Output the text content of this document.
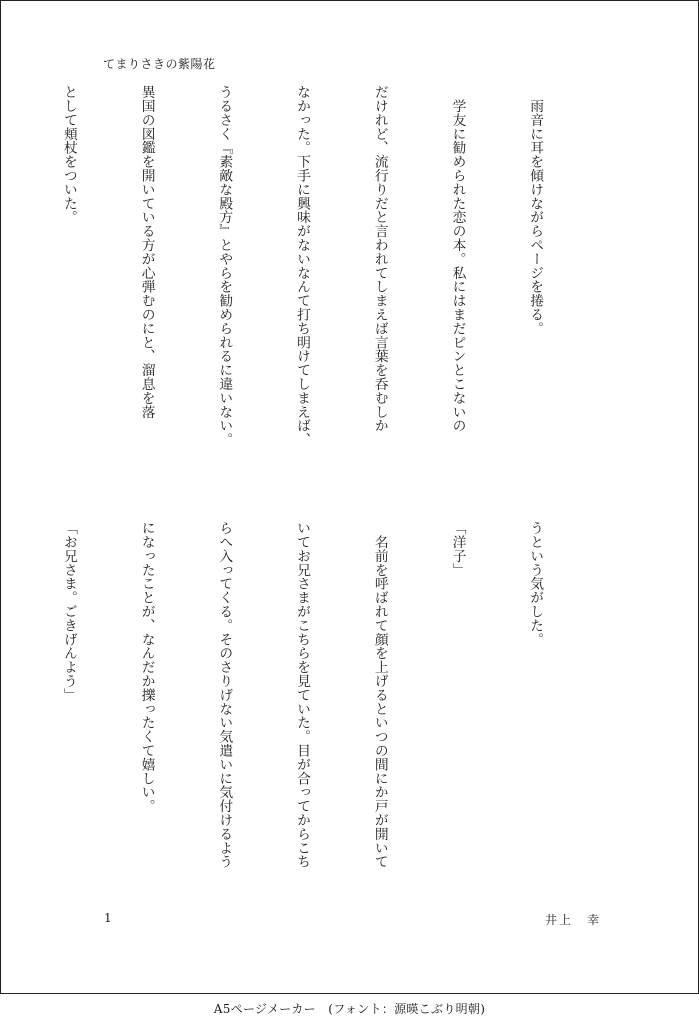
てまりさきの紫陽花

　雨音に耳を傾けながらページを捲る。

　学友に勧められた恋の本。私にはまだピンとこないの

だけれど、流行りだと言われてしまえば言葉を呑むしか

なかった。下手に興味がないなんて打ち明けてしまえば、

うるさく『素敵な殿方』とやらを勧められるに違いない。

異国の図鑑を開いている方が心弾むのにと、溜息を落

として頬杖をついた。

うという気がした。

「洋子」

　名前を呼ばれて顔を上げるといつの間にか戸が開いて

いてお兄さまがこちらを見ていた。目が合ってからこち

らへ入ってくる。そのさりげない気遣いに気付けるよう

になったことが、なんだか擽ったくて嬉しい。

「お兄さま。ごきげんよう」

1	井上　幸
A5ページメーカー　(フォント：源暎こぶり明朝)
